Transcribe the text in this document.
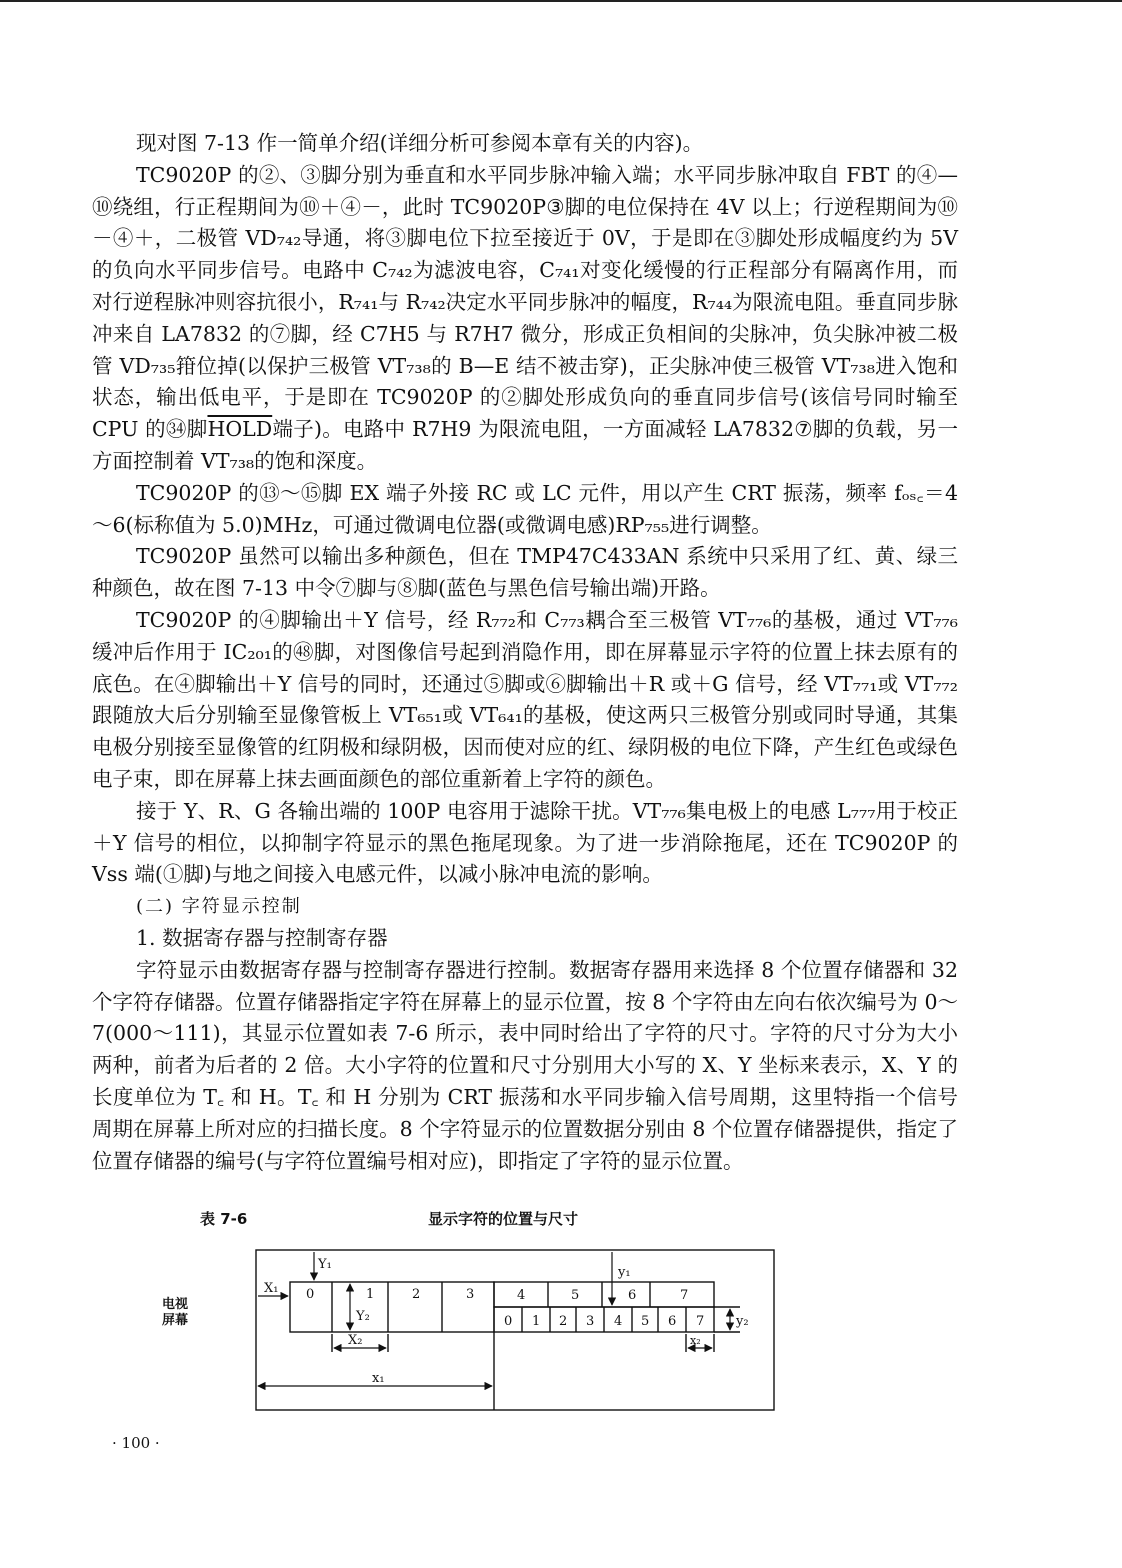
现对图 7-13 作一简单介绍(详细分析可参阅本章有关的内容)。

TC9020P 的②、③脚分别为垂直和水平同步脉冲输入端；水平同步脉冲取自 FBT 的④—⑩绕组，行正程期间为⑩＋④－，此时 TC9020P③脚的电位保持在 4V 以上；行逆程期间为⑩－④＋，二极管 VD₇₄₂导通，将③脚电位下拉至接近于 0V，于是即在③脚处形成幅度约为 5V 的负向水平同步信号。电路中 C₇₄₂为滤波电容，C₇₄₁对变化缓慢的行正程部分有隔离作用，而对行逆程脉冲则容抗很小，R₇₄₁与 R₇₄₂决定水平同步脉冲的幅度，R₇₄₄为限流电阻。垂直同步脉冲来自 LA7832 的⑦脚，经 C7H5 与 R7H7 微分，形成正负相间的尖脉冲，负尖脉冲被二极管 VD₇₃₅箝位掉(以保护三极管 VT₇₃₈的 B—E 结不被击穿)，正尖脉冲使三极管 VT₇₃₈进入饱和状态，输出低电平，于是即在 TC9020P 的②脚处形成负向的垂直同步信号(该信号同时输至 CPU 的㉞脚HOLD端子)。电路中 R7H9 为限流电阻，一方面减轻 LA7832⑦脚的负载，另一方面控制着 VT₇₃₈的饱和深度。

TC9020P 的⑬～⑮脚 EX 端子外接 RC 或 LC 元件，用以产生 CRT 振荡，频率 fₒₛ꜀＝4～6(标称值为 5.0)MHz，可通过微调电位器(或微调电感)RP₇₅₅进行调整。

TC9020P 虽然可以输出多种颜色，但在 TMP47C433AN 系统中只采用了红、黄、绿三种颜色，故在图 7-13 中令⑦脚与⑧脚(蓝色与黑色信号输出端)开路。

TC9020P 的④脚输出＋Y 信号，经 R₇₇₂和 C₇₇₃耦合至三极管 VT₇₇₆的基极，通过 VT₇₇₆缓冲后作用于 IC₂₀₁的㊽脚，对图像信号起到消隐作用，即在屏幕显示字符的位置上抹去原有的底色。在④脚输出＋Y 信号的同时，还通过⑤脚或⑥脚输出＋R 或＋G 信号，经 VT₇₇₁或 VT₇₇₂跟随放大后分别输至显像管板上 VT₆₅₁或 VT₆₄₁的基极，使这两只三极管分别或同时导通，其集电极分别接至显像管的红阴极和绿阴极，因而使对应的红、绿阴极的电位下降，产生红色或绿色电子束，即在屏幕上抹去画面颜色的部位重新着上字符的颜色。

接于 Y、R、G 各输出端的 100P 电容用于滤除干扰。VT₇₇₆集电极上的电感 L₇₇₇用于校正＋Y 信号的相位，以抑制字符显示的黑色拖尾现象。为了进一步消除拖尾，还在 TC9020P 的 Vss 端(①脚)与地之间接入电感元件，以减小脉冲电流的影响。

(二) 字符显示控制

1. 数据寄存器与控制寄存器

字符显示由数据寄存器与控制寄存器进行控制。数据寄存器用来选择 8 个位置存储器和 32 个字符存储器。位置存储器指定字符在屏幕上的显示位置，按 8 个字符由左向右依次编号为 0～7(000～111)，其显示位置如表 7-6 所示，表中同时给出了字符的尺寸。字符的尺寸分为大小两种，前者为后者的 2 倍。大小字符的位置和尺寸分别用大小写的 X、Y 坐标来表示，X、Y 的长度单位为 T꜀ 和 H。T꜀ 和 H 分别为 CRT 振荡和水平同步输入信号周期，这里特指一个信号周期在屏幕上所对应的扫描长度。8 个字符显示的位置数据分别由 8 个位置存储器提供，指定了位置存储器的编号(与字符位置编号相对应)，即指定了字符的显示位置。

表 7-6	显示字符的位置与尺寸
电视
屏幕
0	1	2	3	4	5	6	7
0 1 2 3 4 5 6 7
X₁
Y₁
Y₂
X₂
x₁
y₁
y₂
x₂
· 100 ·
